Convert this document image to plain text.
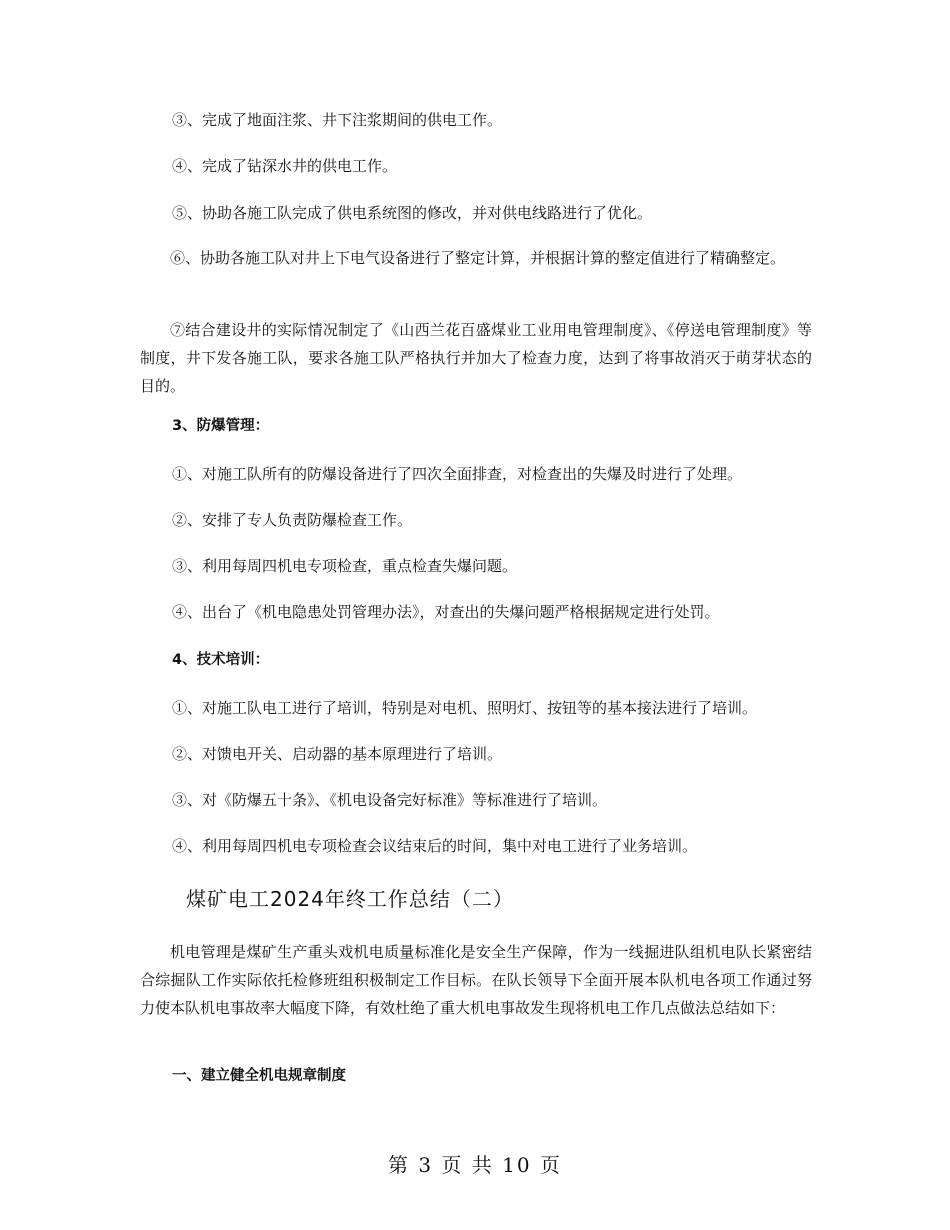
③、完成了地面注浆、井下注浆期间的供电工作。

④、完成了钻深水井的供电工作。

⑤、协助各施工队完成了供电系统图的修改，并对供电线路进行了优化。

⑥、协助各施工队对井上下电气设备进行了整定计算，并根据计算的整定值进行了精确整定。

⑦结合建设井的实际情况制定了《山西兰花百盛煤业工业用电管理制度》、《停送电管理制度》等制度，井下发各施工队，要求各施工队严格执行并加大了检查力度，达到了将事故消灭于萌芽状态的目的。

3、防爆管理：

①、对施工队所有的防爆设备进行了四次全面排查，对检查出的失爆及时进行了处理。

②、安排了专人负责防爆检查工作。

③、利用每周四机电专项检查，重点检查失爆问题。

④、出台了《机电隐患处罚管理办法》，对查出的失爆问题严格根据规定进行处罚。

4、技术培训：

①、对施工队电工进行了培训，特别是对电机、照明灯、按钮等的基本接法进行了培训。

②、对馈电开关、启动器的基本原理进行了培训。

③、对《防爆五十条》、《机电设备完好标准》等标准进行了培训。

④、利用每周四机电专项检查会议结束后的时间，集中对电工进行了业务培训。

煤矿电工2024年终工作总结（二）

机电管理是煤矿生产重头戏机电质量标准化是安全生产保障，作为一线掘进队组机电队长紧密结合综掘队工作实际依托检修班组积极制定工作目标。在队长领导下全面开展本队机电各项工作通过努力使本队机电事故率大幅度下降，有效杜绝了重大机电事故发生现将机电工作几点做法总结如下：

一、建立健全机电规章制度
第 3 页 共 10 页
